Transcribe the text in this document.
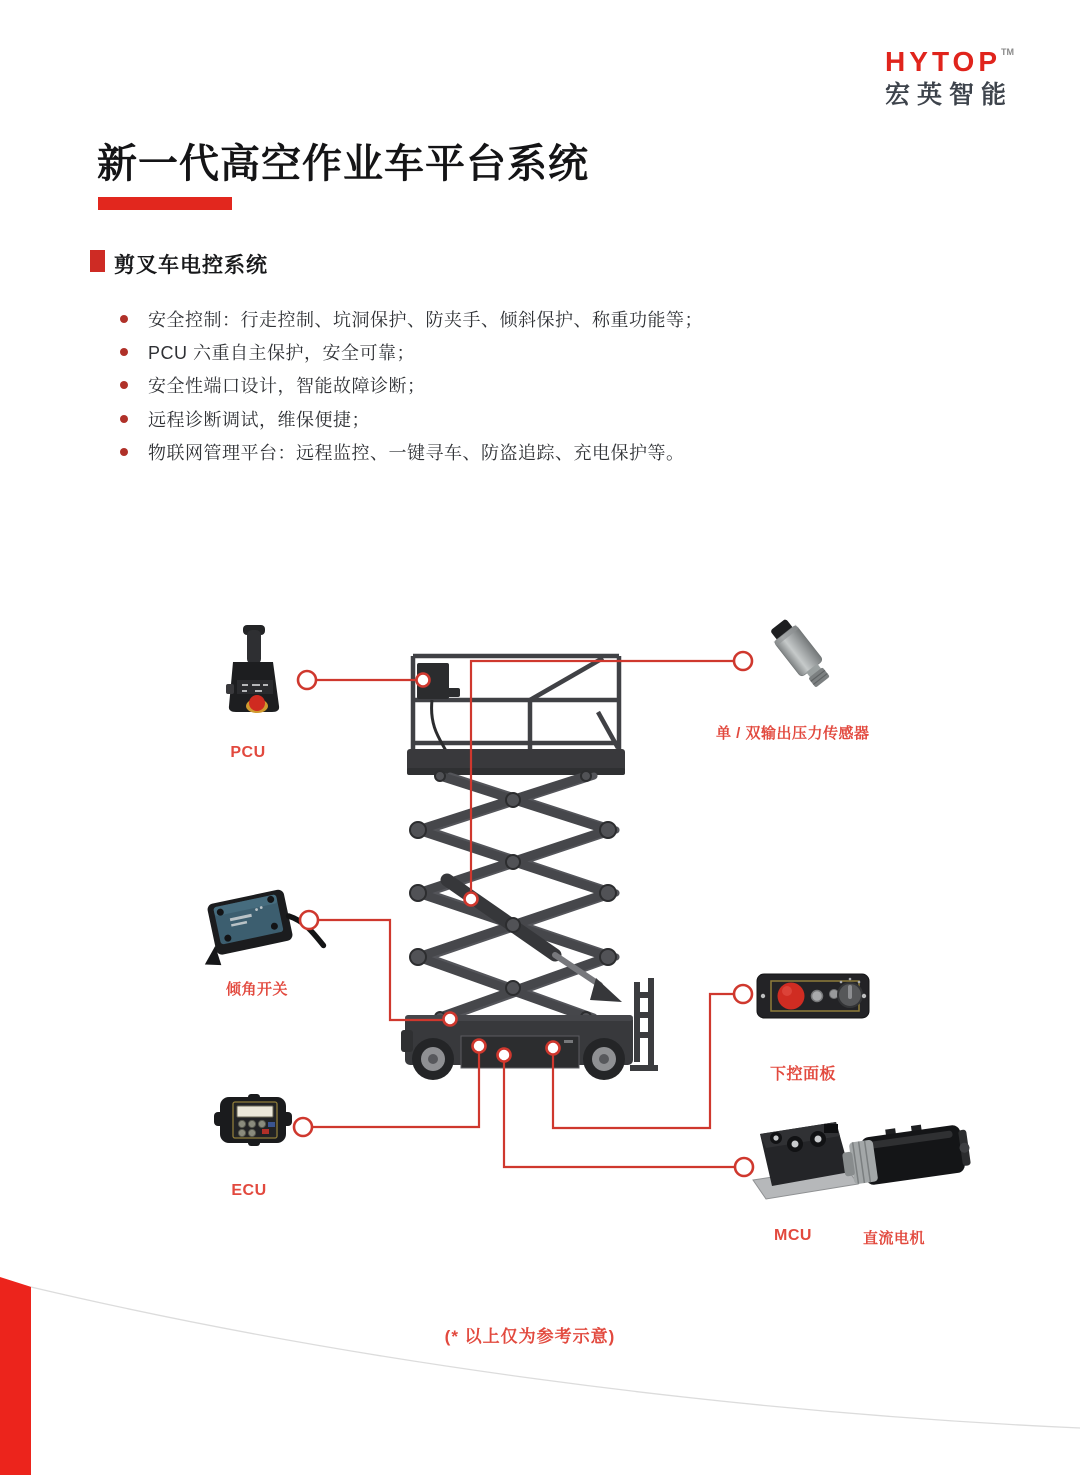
HYTOP™
宏英智能
新一代高空作业车平台系统
剪叉车电控系统
安全控制：行走控制、坑洞保护、防夹手、倾斜保护、称重功能等；
PCU 六重自主保护，安全可靠；
安全性端口设计，智能故障诊断；
远程诊断调试，维保便捷；
物联网管理平台：远程监控、一键寻车、防盗追踪、充电保护等。
PCU
单 / 双输出压力传感器
倾角开关
下控面板
ECU
MCU	直流电机
(* 以上仅为参考示意)
